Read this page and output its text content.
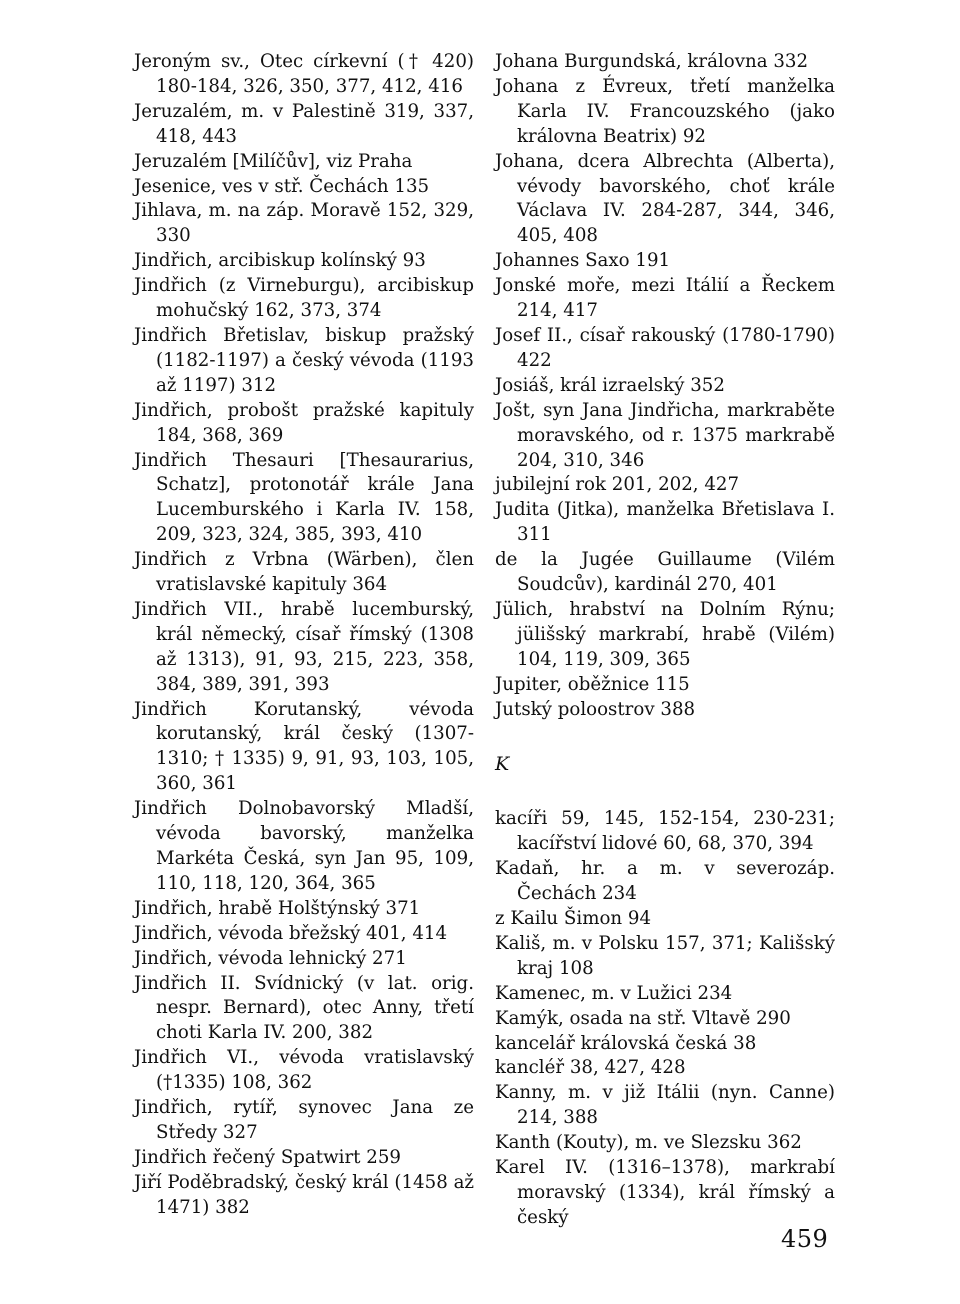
Jeroným sv., Otec církevní († 420) 180-184, 326, 350, 377, 412, 416
Jeruzalém, m. v Palestině 319, 337, 418, 443
Jeruzalém [Milíčův], viz Praha
Jesenice, ves v stř. Čechách 135
Jihlava, m. na záp. Moravě 152, 329, 330
Jindřich, arcibiskup kolínský 93
Jindřich (z Virneburgu), arcibiskup mohučský 162, 373, 374
Jindřich Břetislav, biskup pražský (1182-1197) a český vévoda (1193 až 1197) 312
Jindřich, probošt pražské kapituly 184, 368, 369
Jindřich Thesauri [Thesaurarius, Schatz], protonotář krále Jana Lucemburského i Karla IV. 158, 209, 323, 324, 385, 393, 410
Jindřich z Vrbna (Wärben), člen vratislavské kapituly 364
Jindřich VII., hrabě lucemburský, král německý, císař římský (1308 až 1313), 91, 93, 215, 223, 358, 384, 389, 391, 393
Jindřich Korutanský, vévoda korutanský, král český (1307-1310; † 1335) 9, 91, 93, 103, 105, 360, 361
Jindřich Dolnobavorský Mladší, vévoda bavorský, manželka Markéta Česká, syn Jan 95, 109, 110, 118, 120, 364, 365
Jindřich, hrabě Holštýnský 371
Jindřich, vévoda břežský 401, 414
Jindřich, vévoda lehnický 271
Jindřich II. Svídnický (v lat. orig. nespr. Bernard), otec Anny, třetí choti Karla IV. 200, 382
Jindřich VI., vévoda vratislavský (†1335) 108, 362
Jindřich, rytíř, synovec Jana ze Středy 327
Jindřich řečený Spatwirt 259
Jiří Poděbradský, český král (1458 až 1471) 382
Johana Burgundská, královna 332
Johana z Évreux, třetí manželka Karla IV. Francouzského (jako královna Beatrix) 92
Johana, dcera Albrechta (Alberta), vévody bavorského, choť krále Václava IV. 284-287, 344, 346, 405, 408
Johannes Saxo 191
Jonské moře, mezi Itálií a Řeckem 214, 417
Josef II., císař rakouský (1780-1790) 422
Josiáš, král izraelský 352
Jošt, syn Jana Jindřicha, markraběte moravského, od r. 1375 markrabě 204, 310, 346
jubilejní rok 201, 202, 427
Judita (Jitka), manželka Břetislava I. 311
de la Jugée Guillaume (Vilém Soudcův), kardinál 270, 401
Jülich, hrabství na Dolním Rýnu; jülišský markrabí, hrabě (Vilém) 104, 119, 309, 365
Jupiter, oběžnice 115
Jutský poloostrov 388
K
kacíři 59, 145, 152-154, 230-231; kacířství lidové 60, 68, 370, 394
Kadaň, hr. a m. v severozáp. Čechách 234
z Kailu Šimon 94
Kališ, m. v Polsku 157, 371; Kališský kraj 108
Kamenec, m. v Lužici 234
Kamýk, osada na stř. Vltavě 290
kancelář královská česká 38
kancléř 38, 427, 428
Kanny, m. v již Itálii (nyn. Canne) 214, 388
Kanth (Kouty), m. ve Slezsku 362
Karel IV. (1316–1378), markrabí moravský (1334), král římský a český
459
